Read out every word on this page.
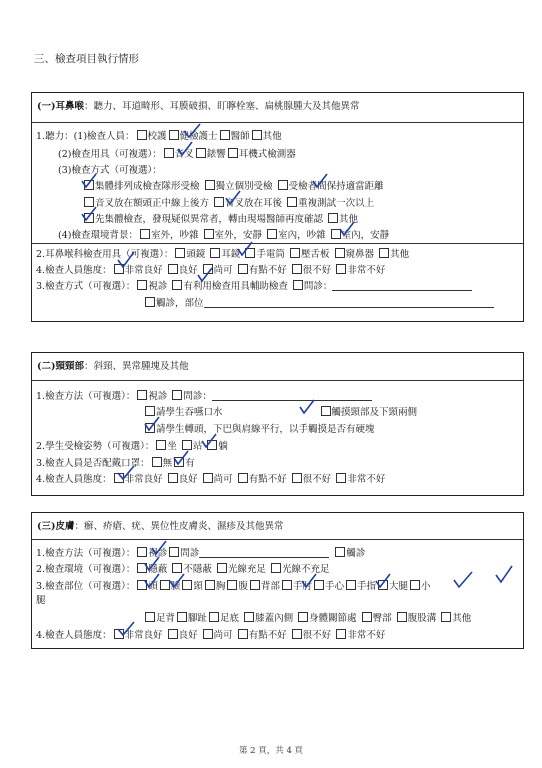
三、檢查項目執行情形
(一)耳鼻喉：聽力、耳道畸形、耳膜破損、盯聹栓塞、扁桃腺腫大及其他異常
1.聽力：(1)檢查人員： 校護 健檢護士 醫師 其他
(2)檢查用具（可複選）： 音叉 錶響 耳機式檢測器
(3)檢查方式（可複選）：
集體排列成檢查隊形受檢 獨立個別受檢 受檢者間保持適當距離
音叉放在額頭正中線上後方 音叉放在耳後 重複測試一次以上
先集體檢查，發現疑似異常者，轉由現場醫師再度確認 其他
(4)檢查環境背景： 室外，吵雜 室外，安靜 室內，吵雜 室內，安靜
2.耳鼻喉科檢查用具（可複選）： 頭鏡 耳鏡 手電筒 壓舌板 窺鼻器 其他
4.檢查人員態度： 非常良好 良好 尚可 有點不好 很不好 非常不好
3.檢查方式（可複選）： 視診 有利用檢查用具輔助檢查 問診：
觸診，部位
(二)頸頸部：斜頸、異常腫塊及其他
1.檢查方法（可複選）： 視診 問診：
請學生吞嚥口水	觸摸頸部及下頸兩側
請學生轉頭，下巴與肩線平行，以手觸摸是否有硬塊
2.學生受檢姿勢（可複選）： 坐 站 躺
3.檢查人員是否配戴口罩： 無 有
4.檢查人員態度： 非常良好 良好 尚可 有點不好 很不好 非常不好
(三)皮膚：癬、疥瘡、疣、異位性皮膚炎、濕疹及其他異常
1.檢查方法（可複選）： 視診 問診	觸診
2.檢查環境（可複選）： 隱蔽 不隱蔽 光線充足 光線不充足
3.檢查部位（可複選）： 頭 臉 頸 胸 腹 背部 手肘 手心 手指 大腿 小
腿
足背 腳趾 足底 膝蓋內側 身體關節處 臀部 腹股溝 其他
4.檢查人員態度： 非常良好 良好 尚可 有點不好 很不好 非常不好
第 2 頁，共 4 頁
